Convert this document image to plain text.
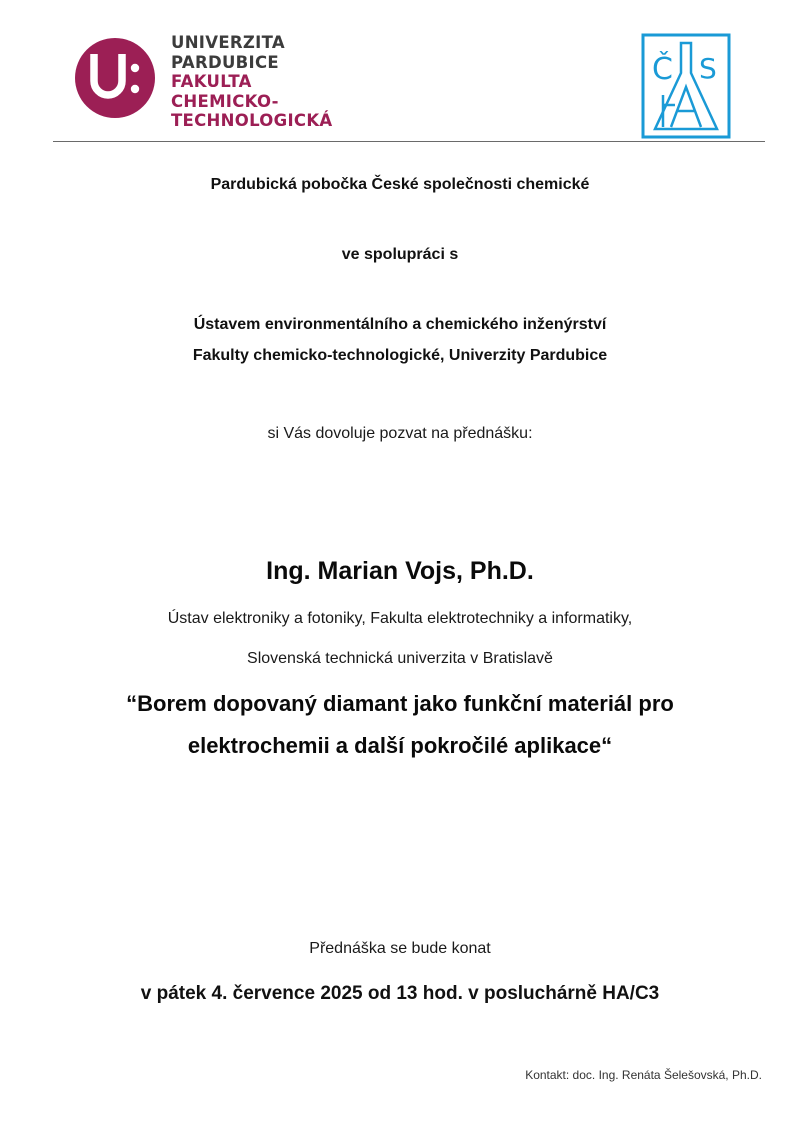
UNIVERZITA
PARDUBICE
FAKULTA
CHEMICKO-
TECHNOLOGICKÁ
Č S
Pardubická pobočka České společnosti chemické
ve spolupráci s
Ústavem environmentálního a chemického inženýrství
Fakulty chemicko-technologické, Univerzity Pardubice
si Vás dovoluje pozvat na přednášku:
Ing. Marian Vojs, Ph.D.
Ústav elektroniky a fotoniky, Fakulta elektrotechniky a informatiky,
Slovenská technická univerzita v Bratislavě
“Borem dopovaný diamant jako funkční materiál pro
elektrochemii a další pokročilé aplikace“
Přednáška se bude konat
v pátek 4. července 2025 od 13 hod. v posluchárně HA/C3
Kontakt: doc. Ing. Renáta Šelešovská, Ph.D.
